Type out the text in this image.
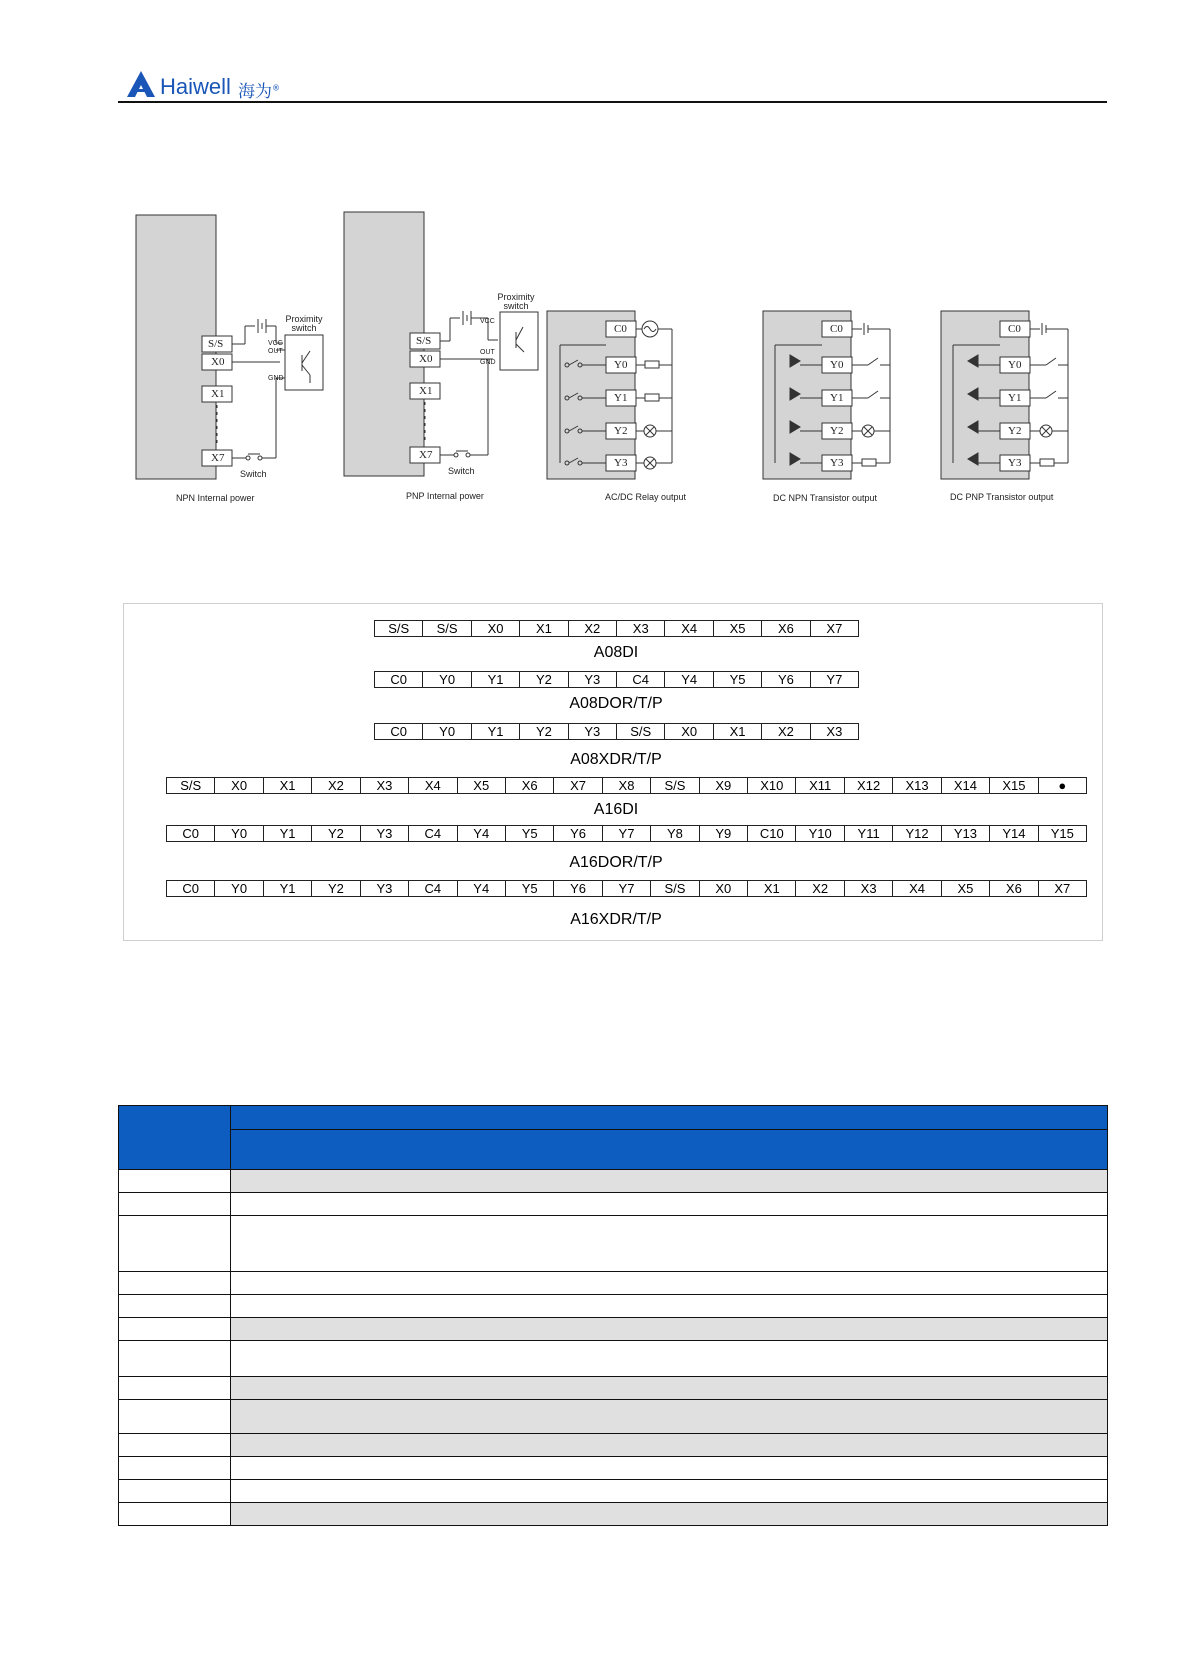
Haiwell 海为®
S/S
X0
X1
X7
Switch
Proximity switch
VCC
OUT
GND
NPN Internal power
S/S
X0
X1
X7
Switch
Proximity switch
VCC
OUT
GND
PNP Internal power
C0
Y0
Y1
Y2
Y3
AC/DC Relay output
C0
Y0
Y1
Y2
Y3
DC NPN Transistor output
C0
Y0
Y1
Y2
Y3
DC PNP Transistor output
S/S	S/S	X0	X1	X2	X3	X4	X5	X6	X7
A08DI
C0	Y0	Y1	Y2	Y3	C4	Y4	Y5	Y6	Y7
A08DOR/T/P
C0	Y0	Y1	Y2	Y3	S/S	X0	X1	X2	X3
A08XDR/T/P
S/S	X0	X1	X2	X3	X4	X5	X6	X7	X8	S/S	X9	X10	X11	X12	X13	X14	X15	●
A16DI
C0	Y0	Y1	Y2	Y3	C4	Y4	Y5	Y6	Y7	Y8	Y9	C10	Y10	Y11	Y12	Y13	Y14	Y15
A16DOR/T/P
C0	Y0	Y1	Y2	Y3	C4	Y4	Y5	Y6	Y7	S/S	X0	X1	X2	X3	X4	X5	X6	X7
A16XDR/T/P
